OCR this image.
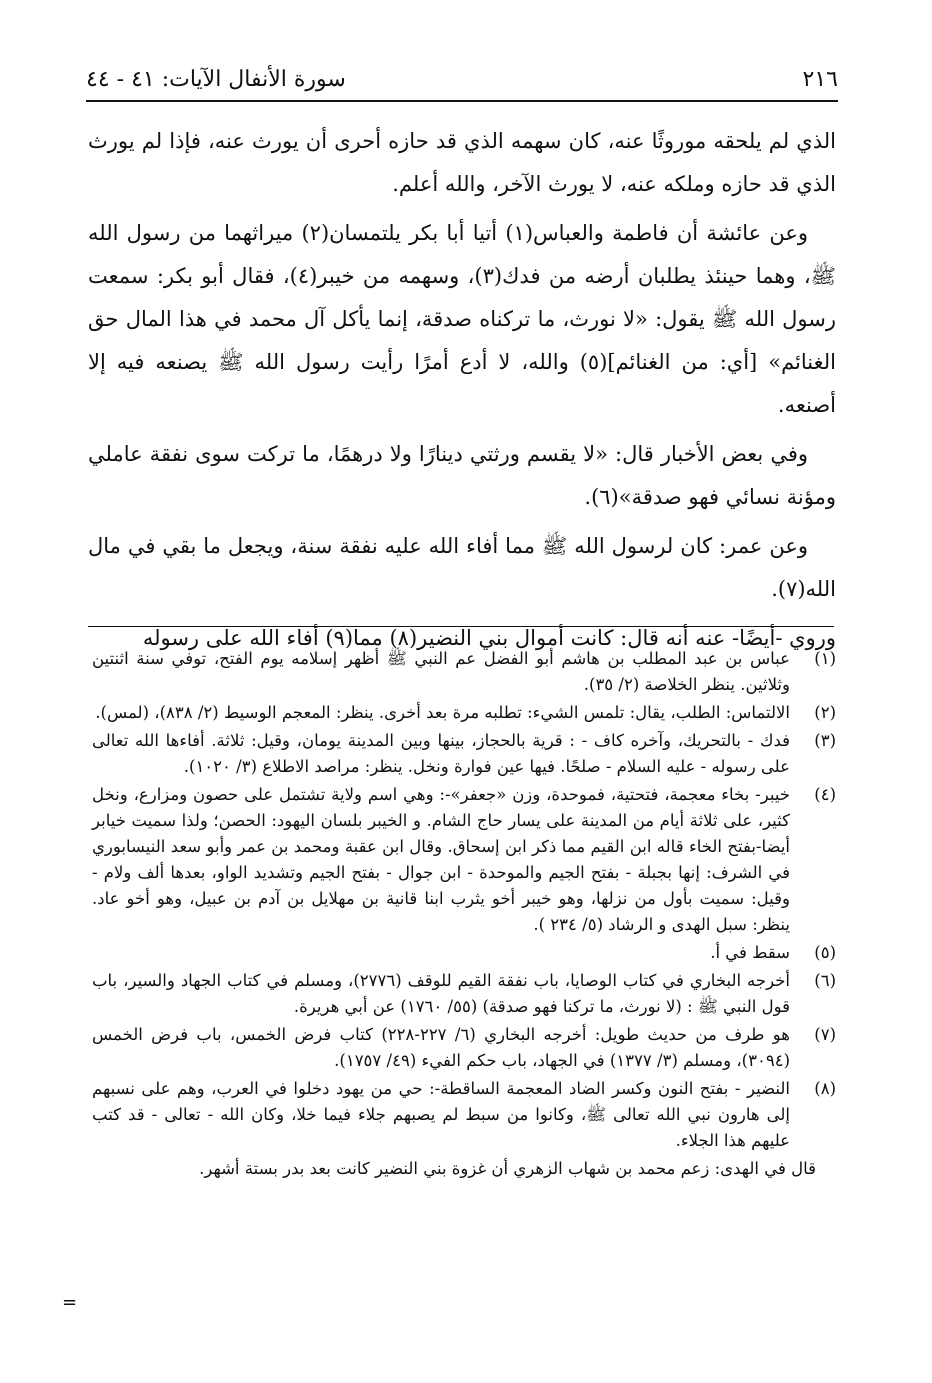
٢١٦
سورة الأنفال الآيات: ٤١ - ٤٤

الذي لم يلحقه موروثًا عنه، كان سهمه الذي قد حازه أحرى أن يورث عنه، فإذا لم يورث الذي قد حازه وملكه عنه، لا يورث الآخر، والله أعلم.

وعن عائشة أن فاطمة والعباس(١) أتيا أبا بكر يلتمسان(٢) ميراثهما من رسول الله ﷺ، وهما حينئذ يطلبان أرضه من فدك(٣)، وسهمه من خيبر(٤)، فقال أبو بكر: سمعت رسول الله ﷺ يقول: «لا نورث، ما تركناه صدقة، إنما يأكل آل محمد في هذا المال حق الغنائم» [أي: من الغنائم](٥) والله، لا أدع أمرًا رأيت رسول الله ﷺ يصنعه فيه إلا أصنعه.

وفي بعض الأخبار قال: «لا يقسم ورثتي دينارًا ولا درهمًا، ما تركت سوى نفقة عاملي ومؤنة نسائي فهو صدقة»(٦).

وعن عمر: كان لرسول الله ﷺ مما أفاء الله عليه نفقة سنة، ويجعل ما بقي في مال الله(٧).

وروي -أيضًا- عنه أنه قال: كانت أموال بني النضير(٨) مما(٩) أفاء الله على رسوله

(١)
عباس بن عبد المطلب بن هاشم أبو الفضل عم النبي ﷺ أظهر إسلامه يوم الفتح، توفي سنة اثنتين وثلاثين. ينظر الخلاصة (٢/ ٣٥).
(٢)
الالتماس: الطلب، يقال: تلمس الشيء: تطلبه مرة بعد أخرى. ينظر: المعجم الوسيط (٢/ ٨٣٨)، (لمس).
(٣)
فدك - بالتحريك، وآخره كاف - : قرية بالحجاز، بينها وبين المدينة يومان، وقيل: ثلاثة. أفاءها الله تعالى على رسوله - عليه السلام - صلحًا. فيها عين فوارة ونخل. ينظر: مراصد الاطلاع (٣/ ١٠٢٠).
(٤)
خيبر- بخاء معجمة، فتحتية، فموحدة، وزن «جعفر»-: وهي اسم ولاية تشتمل على حصون ومزارع، ونخل كثير، على ثلاثة أيام من المدينة على يسار حاج الشام. و الخيبر بلسان اليهود: الحصن؛ ولذا سميت خيابر أيضا-بفتح الخاء قاله ابن القيم مما ذكر ابن إسحاق. وقال ابن عقبة ومحمد بن عمر وأبو سعد النيسابوري في الشرف: إنها بجبلة - بفتح الجيم والموحدة - ابن جوال - بفتح الجيم وتشديد الواو، بعدها ألف ولام - وقيل: سميت بأول من نزلها، وهو خيبر أخو يثرب ابنا قانية بن مهلايل بن آدم بن عبيل، وهو أخو عاد. ينظر: سبل الهدى و الرشاد (٥/ ٢٣٤ ).
(٥)
سقط في أ.
(٦)
أخرجه البخاري في كتاب الوصايا، باب نفقة القيم للوقف (٢٧٧٦)، ومسلم في كتاب الجهاد والسير، باب قول النبي ﷺ : (لا نورث، ما تركنا فهو صدقة) (٥٥/ ١٧٦٠) عن أبي هريرة.
(٧)
هو طرف من حديث طويل: أخرجه البخاري (٦/ ٢٢٧-٢٢٨) كتاب فرض الخمس، باب فرض الخمس (٣٠٩٤)، ومسلم (٣/ ١٣٧٧) في الجهاد، باب حكم الفيء (٤٩/ ١٧٥٧).
(٨)
النضير - بفتح النون وكسر الضاد المعجمة الساقطة-: حي من يهود دخلوا في العرب، وهم على نسبهم إلى هارون نبي الله تعالى ﷺ، وكانوا من سبط لم يصبهم جلاء فيما خلا، وكان الله - تعالى - قد كتب عليهم هذا الجلاء.
قال في الهدى: زعم محمد بن شهاب الزهري أن غزوة بني النضير كانت بعد بدر بستة أشهر.
=
